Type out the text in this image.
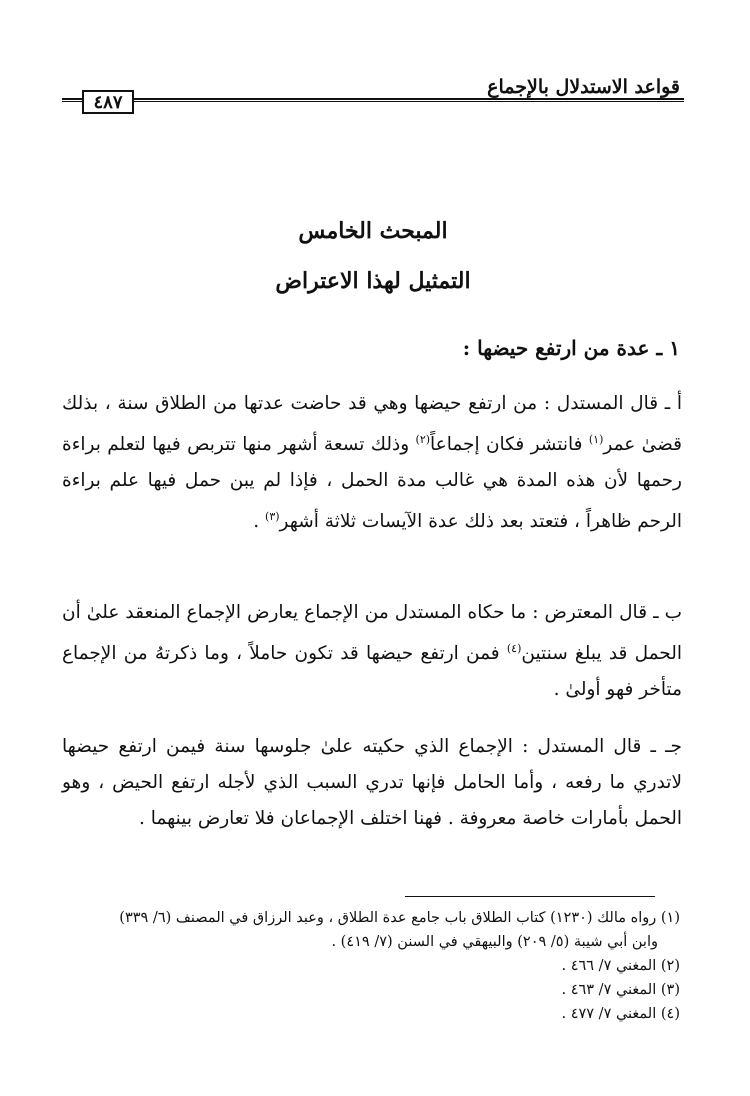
قواعد الاستدلال بالإجماع
٤٨٧
المبحث الخامس
التمثيل لهذا الاعتراض
١ ـ عدة من ارتفع حيضها :
أ ـ قال المستدل : من ارتفع حيضها وهي قد حاضت عدتها من الطلاق سنة ، بذلك قضىٰ عمر$^{(١)}$ فانتشر فكان إجماعاً$^{(٢)}$ وذلك تسعة أشهر منها تتربص فيها لتعلم براءة رحمها لأن هذه المدة هي غالب مدة الحمل ، فإذا لم يبن حمل فيها علم براءة الرحم ظاهراً ، فتعتد بعد ذلك عدة الآيسات ثلاثة أشهر$^{(٣)}$ .
ب ـ قال المعترض : ما حكاه المستدل من الإجماع يعارض الإجماع المنعقد علىٰ أن الحمل قد يبلغ سنتين$^{(٤)}$ فمن ارتفع حيضها قد تكون حاملاً ، وما ذكرتهُ من الإجماع متأخر فهو أولىٰ .
جـ ـ قال المستدل : الإجماع الذي حكيته علىٰ جلوسها سنة فيمن ارتفع حيضها لاتدري ما رفعه ، وأما الحامل فإنها تدري السبب الذي لأجله ارتفع الحيض ، وهو الحمل بأمارات خاصة معروفة . فهنا اختلف الإجماعان فلا تعارض بينهما .
(١) رواه مالك (١٢٣٠) كتاب الطلاق باب جامع عدة الطلاق ، وعبد الرزاق في المصنف (٦/ ٣٣٩)
وابن أبي شيبة (٥/ ٢٠٩) والبيهقي في السنن (٧/ ٤١٩) .
(٢) المغني ٧/ ٤٦٦ .
(٣) المغني ٧/ ٤٦٣ .
(٤) المغني ٧/ ٤٧٧ .
